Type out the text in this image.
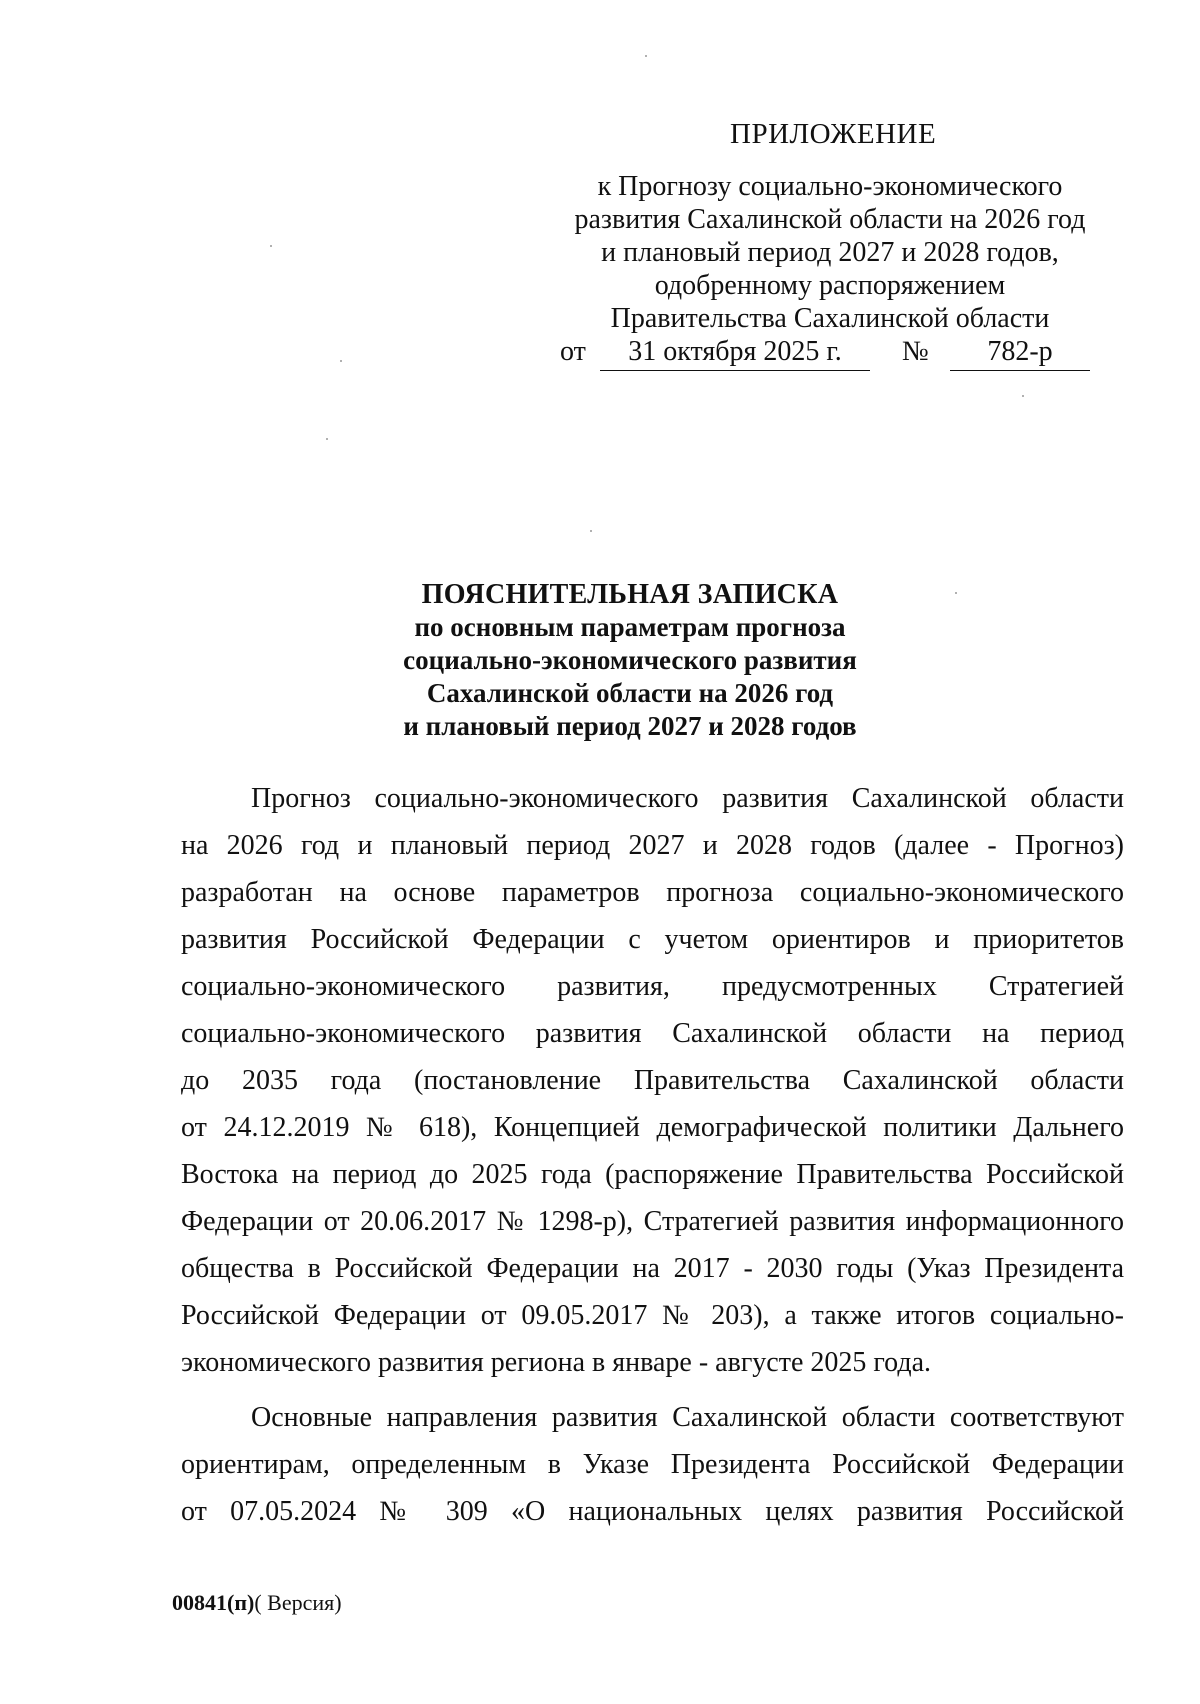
ПРИЛОЖЕНИЕ
к Прогнозу социально-экономического
развития Сахалинской области на 2026 год
и плановый период 2027 и 2028 годов,
одобренному распоряжением
Правительства Сахалинской области
от	31 октября 2025 г.	№	782-р
ПОЯСНИТЕЛЬНАЯ ЗАПИСКА
по основным параметрам прогноза
социально-экономического развития
Сахалинской области на 2026 год
и плановый период 2027 и 2028 годов

Прогноз социально-экономического развития Сахалинской области
на 2026 год и плановый период 2027 и 2028 годов (далее - Прогноз)
разработан на основе параметров прогноза социально-экономического
развития Российской Федерации с учетом ориентиров и приоритетов
социально-экономического развития, предусмотренных Стратегией
социально-экономического развития Сахалинской области на период
до 2035 года (постановление Правительства Сахалинской области
от 24.12.2019 № 618), Концепцией демографической политики Дальнего
Востока на период до 2025 года (распоряжение Правительства Российской
Федерации от 20.06.2017 № 1298-р), Стратегией развития информационного
общества в Российской Федерации на 2017 - 2030 годы (Указ Президента
Российской Федерации от 09.05.2017 № 203), а также итогов социально-
экономического развития региона в январе - августе 2025 года.

Основные направления развития Сахалинской области соответствуют
ориентирам, определенным в Указе Президента Российской Федерации
от 07.05.2024 № 309 «О национальных целях развития Российской

00841(п)( Версия)
